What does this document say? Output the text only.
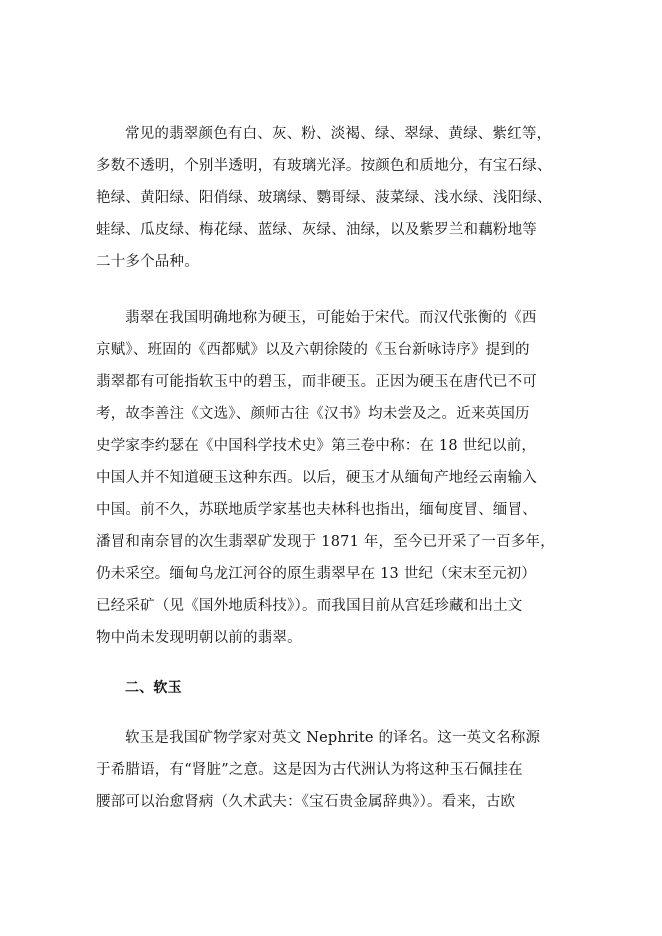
常见的翡翠颜色有白、灰、粉、淡褐、绿、翠绿、黄绿、紫红等，
多数不透明，个别半透明，有玻璃光泽。按颜色和质地分，有宝石绿、
艳绿、黄阳绿、阳俏绿、玻璃绿、鹦哥绿、菠菜绿、浅水绿、浅阳绿、
蛙绿、瓜皮绿、梅花绿、蓝绿、灰绿、油绿，以及紫罗兰和藕粉地等
二十多个品种。
翡翠在我国明确地称为硬玉，可能始于宋代。而汉代张衡的《西
京赋》、班固的《西都赋》以及六朝徐陵的《玉台新咏诗序》提到的
翡翠都有可能指软玉中的碧玉，而非硬玉。正因为硬玉在唐代已不可
考，故李善注《文选》、颜师古往《汉书》均未尝及之。近来英国历
史学家李约瑟在《中国科学技术史》第三卷中称：在 18 世纪以前，
中国人并不知道硬玉这种东西。以后，硬玉才从缅甸产地经云南输入
中国。前不久，苏联地质学家基也夫林科也指出，缅甸度冒、缅冒、
潘冒和南奈冒的次生翡翠矿发现于 1871 年，至今已开采了一百多年，
仍未采空。缅甸乌龙江河谷的原生翡翠早在 13 世纪（宋末至元初）
已经采矿（见《国外地质科技》）。而我国目前从宫廷珍藏和出土文
物中尚未发现明朝以前的翡翠。
二、软玉
软玉是我国矿物学家对英文 Nephrite 的译名。这一英文名称源
于希腊语，有“肾脏”之意。这是因为古代洲认为将这种玉石佩挂在
腰部可以治愈肾病（久术武夫：《宝石贵金属辞典》）。看来，古欧
